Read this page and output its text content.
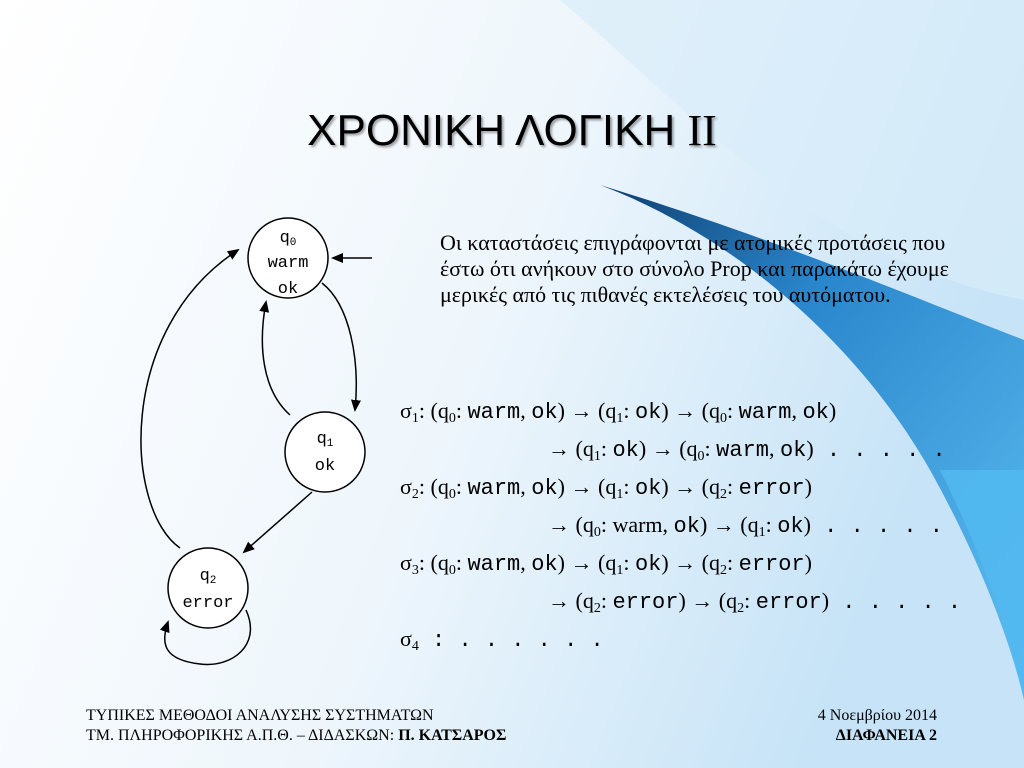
ΧΡΟΝΙΚΗ ΛΟΓΙΚΗ II
q0
warm
ok
q1
ok
q2
error
Οι καταστάσεις επιγράφονται με ατομικές προτάσεις που έστω ότι ανήκουν στο σύνολο Prop και παρακάτω έχουμε μερικές από τις πιθανές εκτελέσεις του αυτόματου.
$\sigma_1$: ($q_0$: warm, $ok) \to (q_1$: $ok) \to (q_0$: warm, ok)
→ ($q_1$: $ok) \to (q_0$: warm, ok) . . . . .
$\sigma_2$: ($q_0$: warm, $ok) \to (q_1$: $ok) \to (q_2$: error)
→ ($q_0$: warm, $ok) \to (q_1$: ok) . . . . .
$\sigma_3$: ($q_0$: warm, $ok) \to (q_1$: $ok) \to (q_2$: error)
→ ($q_2$: error) → ($q_2$: error) . . . . .
$\sigma_4$ : . . . . . .
ΤΥΠΙΚΕΣ ΜΕΘΟΔΟΙ ΑΝΑΛΥΣΗΣ ΣΥΣΤΗΜΑΤΩΝ
ΤΜ. ΠΛΗΡΟΦΟΡΙΚΗΣ Α.Π.Θ. – ΔΙΔΑΣΚΩΝ: Π. ΚΑΤΣΑΡΟΣ
4 Νοεμβρίου 2014
ΔΙΑΦΑΝΕΙΑ 2
